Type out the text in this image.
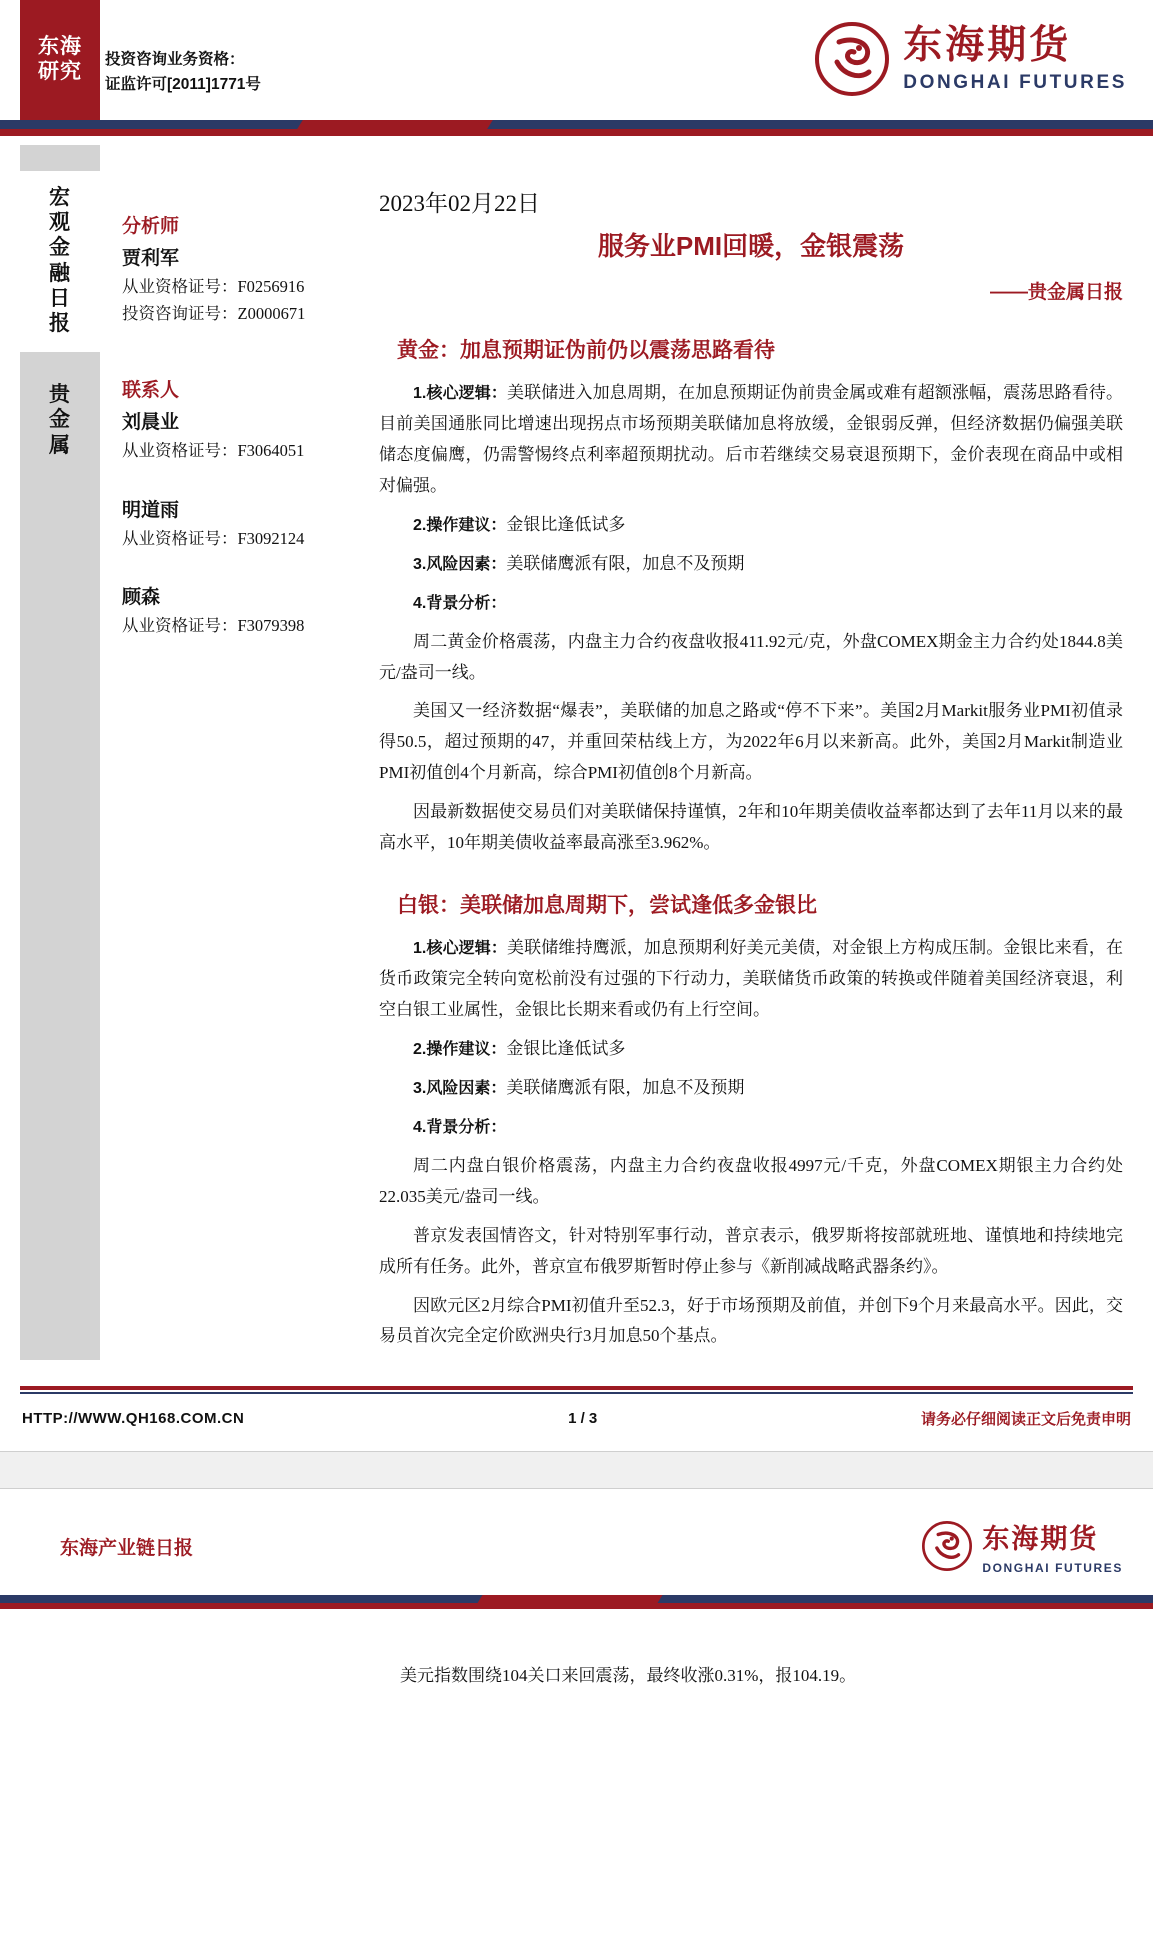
东海
研究
投资咨询业务资格：
证监许可[2011]1771号
东海期货
DONGHAI FUTURES
宏
观
金
融
日
报
贵
金
属
分析师
贾利军
从业资格证号：F0256916
投资咨询证号：Z0000671
联系人
刘晨业
从业资格证号：F3064051
明道雨
从业资格证号：F3092124
顾森
从业资格证号：F3079398
2023年02月22日
服务业PMI回暖，金银震荡
——贵金属日报
黄金：加息预期证伪前仍以震荡思路看待

1.核心逻辑：美联储进入加息周期，在加息预期证伪前贵金属或难有超额涨幅，震荡思路看待。目前美国通胀同比增速出现拐点市场预期美联储加息将放缓，金银弱反弹，但经济数据仍偏强美联储态度偏鹰，仍需警惕终点利率超预期扰动。后市若继续交易衰退预期下，金价表现在商品中或相对偏强。

2.操作建议：金银比逢低试多

3.风险因素：美联储鹰派有限，加息不及预期

4.背景分析：

周二黄金价格震荡，内盘主力合约夜盘收报411.92元/克，外盘COMEX期金主力合约处1844.8美元/盎司一线。

美国又一经济数据“爆表”，美联储的加息之路或“停不下来”。美国2月Markit服务业PMI初值录得50.5，超过预期的47，并重回荣枯线上方，为2022年6月以来新高。此外，美国2月Markit制造业PMI初值创4个月新高，综合PMI初值创8个月新高。

因最新数据使交易员们对美联储保持谨慎，2年和10年期美债收益率都达到了去年11月以来的最高水平，10年期美债收益率最高涨至3.962%。

白银：美联储加息周期下，尝试逢低多金银比

1.核心逻辑：美联储维持鹰派，加息预期利好美元美债，对金银上方构成压制。金银比来看，在货币政策完全转向宽松前没有过强的下行动力，美联储货币政策的转换或伴随着美国经济衰退，利空白银工业属性，金银比长期来看或仍有上行空间。

2.操作建议：金银比逢低试多

3.风险因素：美联储鹰派有限，加息不及预期

4.背景分析：

周二内盘白银价格震荡，内盘主力合约夜盘收报4997元/千克，外盘COMEX期银主力合约处22.035美元/盎司一线。

普京发表国情咨文，针对特别军事行动，普京表示，俄罗斯将按部就班地、谨慎地和持续地完成所有任务。此外，普京宣布俄罗斯暂时停止参与《新削减战略武器条约》。

因欧元区2月综合PMI初值升至52.3，好于市场预期及前值，并创下9个月来最高水平。因此，交易员首次完全定价欧洲央行3月加息50个基点。

HTTP://WWW.QH168.COM.CN	1 / 3	请务必仔细阅读正文后免责申明
东海产业链日报	东海期货
DONGHAI FUTURES
美元指数围绕104关口来回震荡，最终收涨0.31%，报104.19。
